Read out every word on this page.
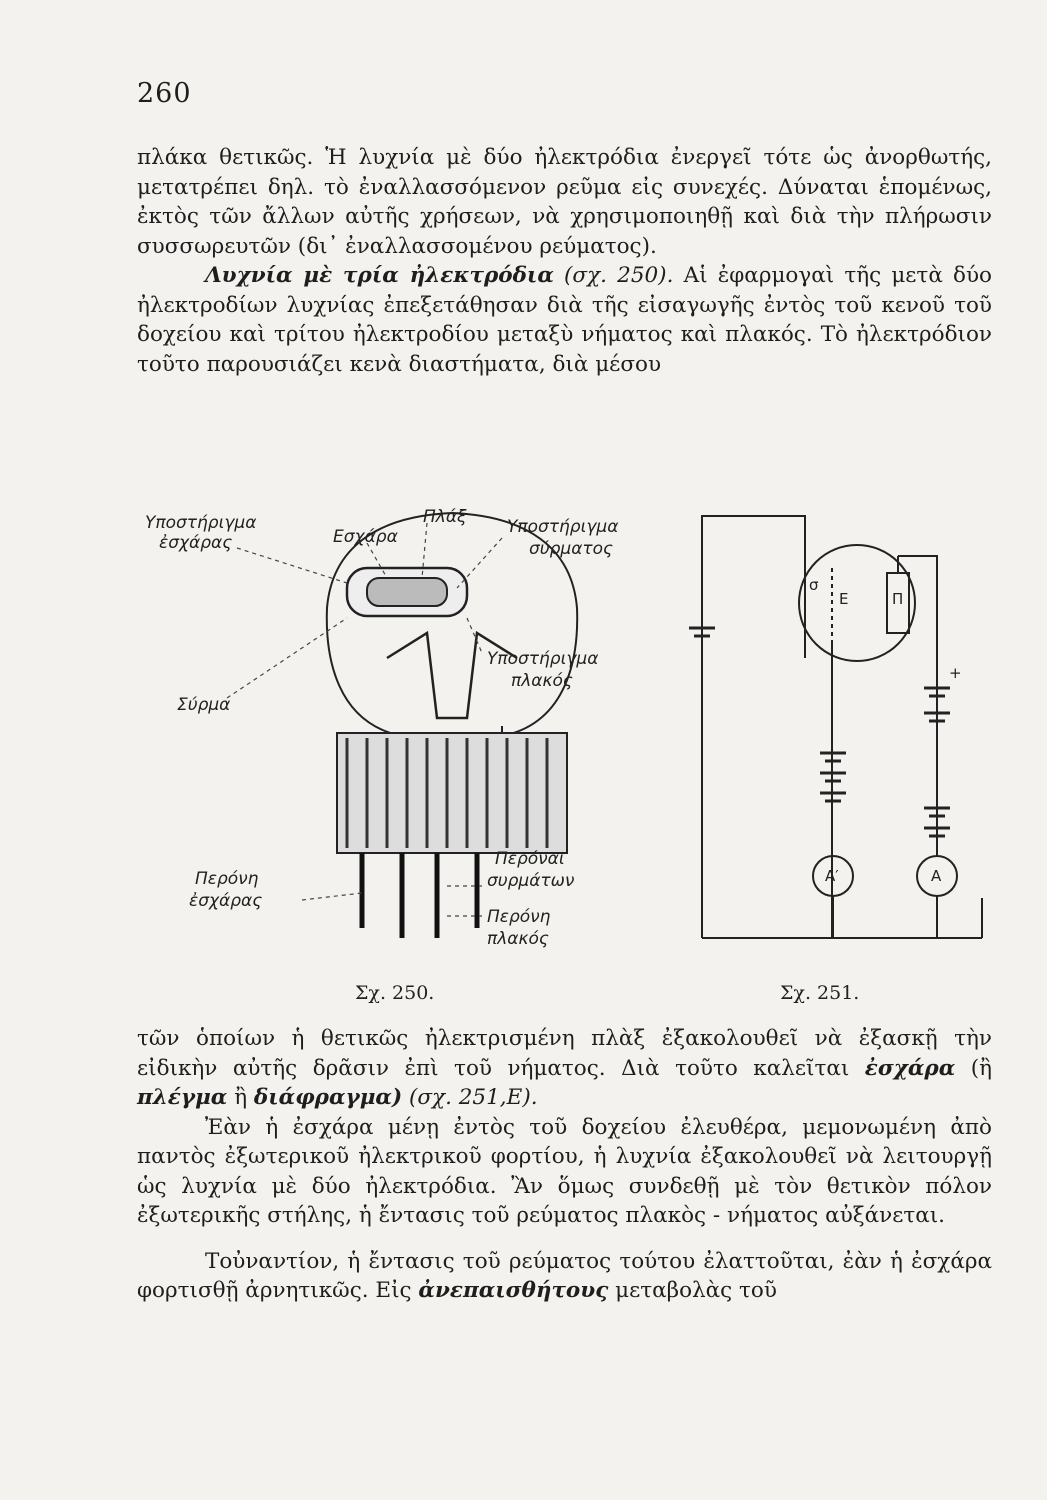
260

πλάκα θετικῶς. Ἡ λυχνία μὲ δύο ἠλεκτρόδια ἐνεργεῖ τότε ὡς ἀνορθωτής, μετατρέπει δηλ. τὸ ἐναλλασσόμενον ρεῦμα εἰς συνεχές. Δύναται ἑπομένως, ἐκτὸς τῶν ἄλλων αὐτῆς χρήσεων, νὰ χρησιμοποιηθῇ καὶ διὰ τὴν πλήρωσιν συσσωρευτῶν (δι᾽ ἐναλλασσομένου ρεύματος).

Λυχνία μὲ τρία ἠλεκτρόδια (σχ. 250). Αἱ ἐφαρμογαὶ τῆς μετὰ δύο ἠλεκτροδίων λυχνίας ἐπεξετάθησαν διὰ τῆς εἰσαγωγῆς ἐντὸς τοῦ κενοῦ τοῦ δοχείου καὶ τρίτου ἠλεκτροδίου μεταξὺ νήματος καὶ πλακός. Τὸ ἠλεκτρόδιον τοῦτο παρουσιάζει κενὰ διαστήματα, διὰ μέσου

Υποστήριγμα
ἐσχάρας	Εσχάρα
Πλάξ Υποστήριγμα
σύρματος
Υποστήριγμα
πλακός
Σύρμα
Περόναι
συρμάτων
Περόνη
ἐσχάρας
Περόνη
πλακός
Σχ. 250.
σ
Ε	Π
+
A′	A
Σχ. 251.

τῶν ὁποίων ἡ θετικῶς ἠλεκτρισμένη πλὰξ ἐξακολουθεῖ νὰ ἐξασκῇ τὴν εἰδικὴν αὐτῆς δρᾶσιν ἐπὶ τοῦ νήματος. Διὰ τοῦτο καλεῖται ἐσχάρα (ἢ πλέγμα ἢ διάφραγμα) (σχ. 251,Ε).

Ἐὰν ἡ ἐσχάρα μένῃ ἐντὸς τοῦ δοχείου ἐλευθέρα, μεμονωμένη ἀπὸ παντὸς ἐξωτερικοῦ ἠλεκτρικοῦ φορτίου, ἡ λυχνία ἐξακολουθεῖ νὰ λειτουργῇ ὡς λυχνία μὲ δύο ἠλεκτρόδια. Ἂν ὅμως συνδεθῇ μὲ τὸν θετικὸν πόλον ἐξωτερικῆς στήλης, ἡ ἔντασις τοῦ ρεύματος πλακὸς - νήματος αὐξάνεται.

Τοὐναντίον, ἡ ἔντασις τοῦ ρεύματος τούτου ἐλαττοῦται, ἐὰν ἡ ἐσχάρα φορτισθῇ ἀρνητικῶς. Εἰς ἀνεπαισθήτους μεταβολὰς τοῦ
